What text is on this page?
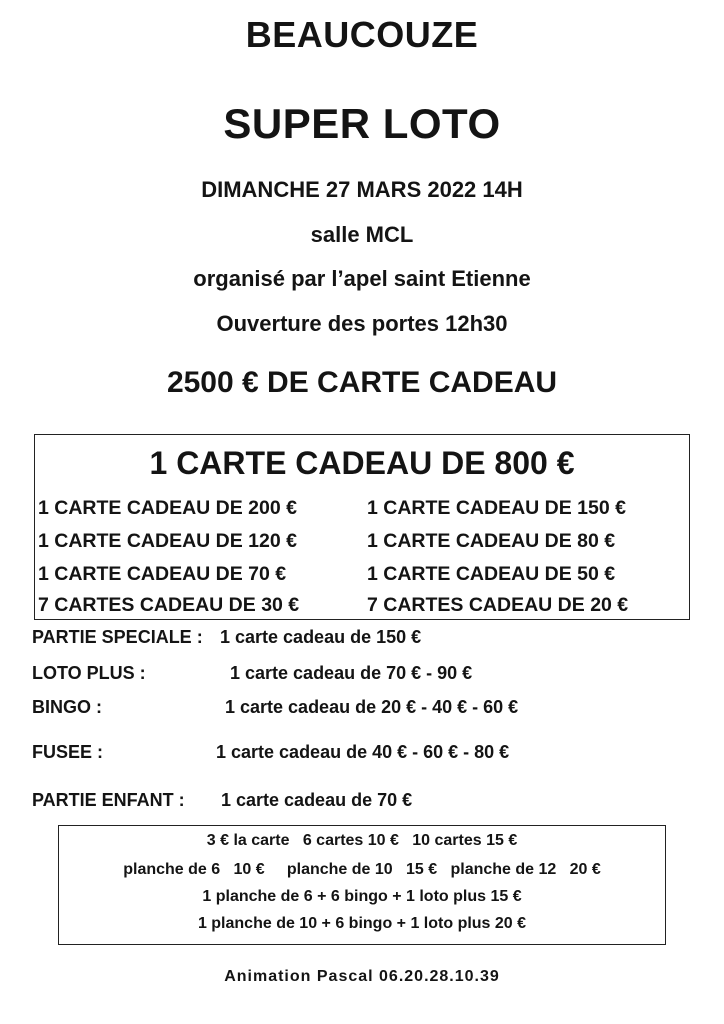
BEAUCOUZE
SUPER LOTO
DIMANCHE 27 MARS 2022 14H
salle MCL
organisé par l’apel saint Etienne
Ouverture des portes 12h30
2500 € DE CARTE CADEAU
1 CARTE CADEAU DE 800 €
1 CARTE CADEAU DE 200 €	1 CARTE CADEAU DE 150 €
1 CARTE CADEAU DE 120 €	1 CARTE CADEAU DE 80 €
1 CARTE CADEAU DE 70 €	1 CARTE CADEAU DE 50 €
7 CARTES CADEAU DE 30 €	7 CARTES CADEAU DE 20 €
PARTIE SPECIALE : 1 carte cadeau de 150 €
LOTO PLUS :	1 carte cadeau de 70 € - 90 €
BINGO :	1 carte cadeau de 20 € - 40 € - 60 €
FUSEE :	1 carte cadeau de 40 € - 60 € - 80 €
PARTIE ENFANT : 1 carte cadeau de 70 €
3 € la carte   6 cartes 10 €   10 cartes 15 €
planche de 6   10 €     planche de 10   15 €   planche de 12   20 €
1 planche de 6 + 6 bingo + 1 loto plus 15 €
1 planche de 10 + 6 bingo + 1 loto plus 20 €
Animation Pascal 06.20.28.10.39
